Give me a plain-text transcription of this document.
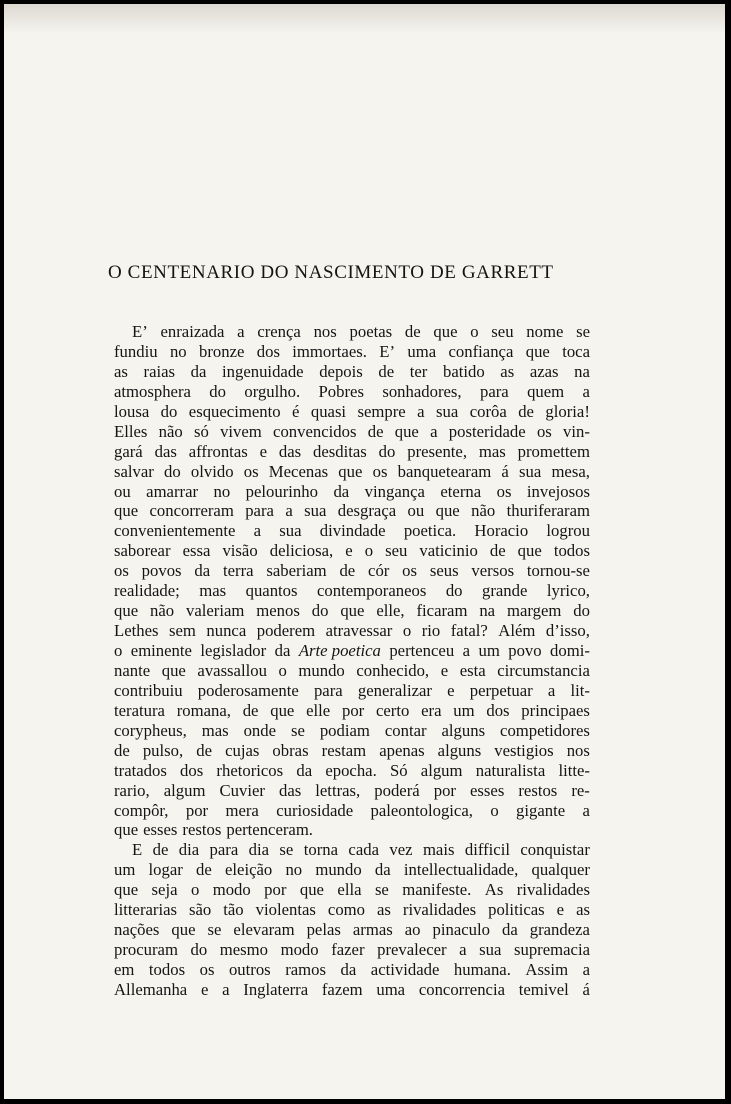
O CENTENARIO DO NASCIMENTO DE GARRETT
E’ enraizada a crença nos poetas de que o seu nome se
fundiu no bronze dos immortaes. E’ uma confiança que toca
as raias da ingenuidade depois de ter batido as azas na
atmosphera do orgulho. Pobres sonhadores, para quem a
lousa do esquecimento é quasi sempre a sua corôa de gloria!
Elles não só vivem convencidos de que a posteridade os vin-
gará das affrontas e das desditas do presente, mas promettem
salvar do olvido os Mecenas que os banquetearam á sua mesa,
ou amarrar no pelourinho da vingança eterna os invejosos
que concorreram para a sua desgraça ou que não thuriferaram
convenientemente a sua divindade poetica. Horacio logrou
saborear essa visão deliciosa, e o seu vaticinio de que todos
os povos da terra saberiam de cór os seus versos tornou-se
realidade; mas quantos contemporaneos do grande lyrico,
que não valeriam menos do que elle, ficaram na margem do
Lethes sem nunca poderem atravessar o rio fatal? Além d’isso,
o eminente legislador da Arte poetica pertenceu a um povo domi-
nante que avassallou o mundo conhecido, e esta circumstancia
contribuiu poderosamente para generalizar e perpetuar a lit-
teratura romana, de que elle por certo era um dos principaes
corypheus, mas onde se podiam contar alguns competidores
de pulso, de cujas obras restam apenas alguns vestigios nos
tratados dos rhetoricos da epocha. Só algum naturalista litte-
rario, algum Cuvier das lettras, poderá por esses restos re-
compôr, por mera curiosidade paleontologica, o gigante a
que esses restos pertenceram.
E de dia para dia se torna cada vez mais difficil conquistar
um logar de eleição no mundo da intellectualidade, qualquer
que seja o modo por que ella se manifeste. As rivalidades
litterarias são tão violentas como as rivalidades politicas e as
nações que se elevaram pelas armas ao pinaculo da grandeza
procuram do mesmo modo fazer prevalecer a sua supremacia
em todos os outros ramos da actividade humana. Assim a
Allemanha e a Inglaterra fazem uma concorrencia temivel á
